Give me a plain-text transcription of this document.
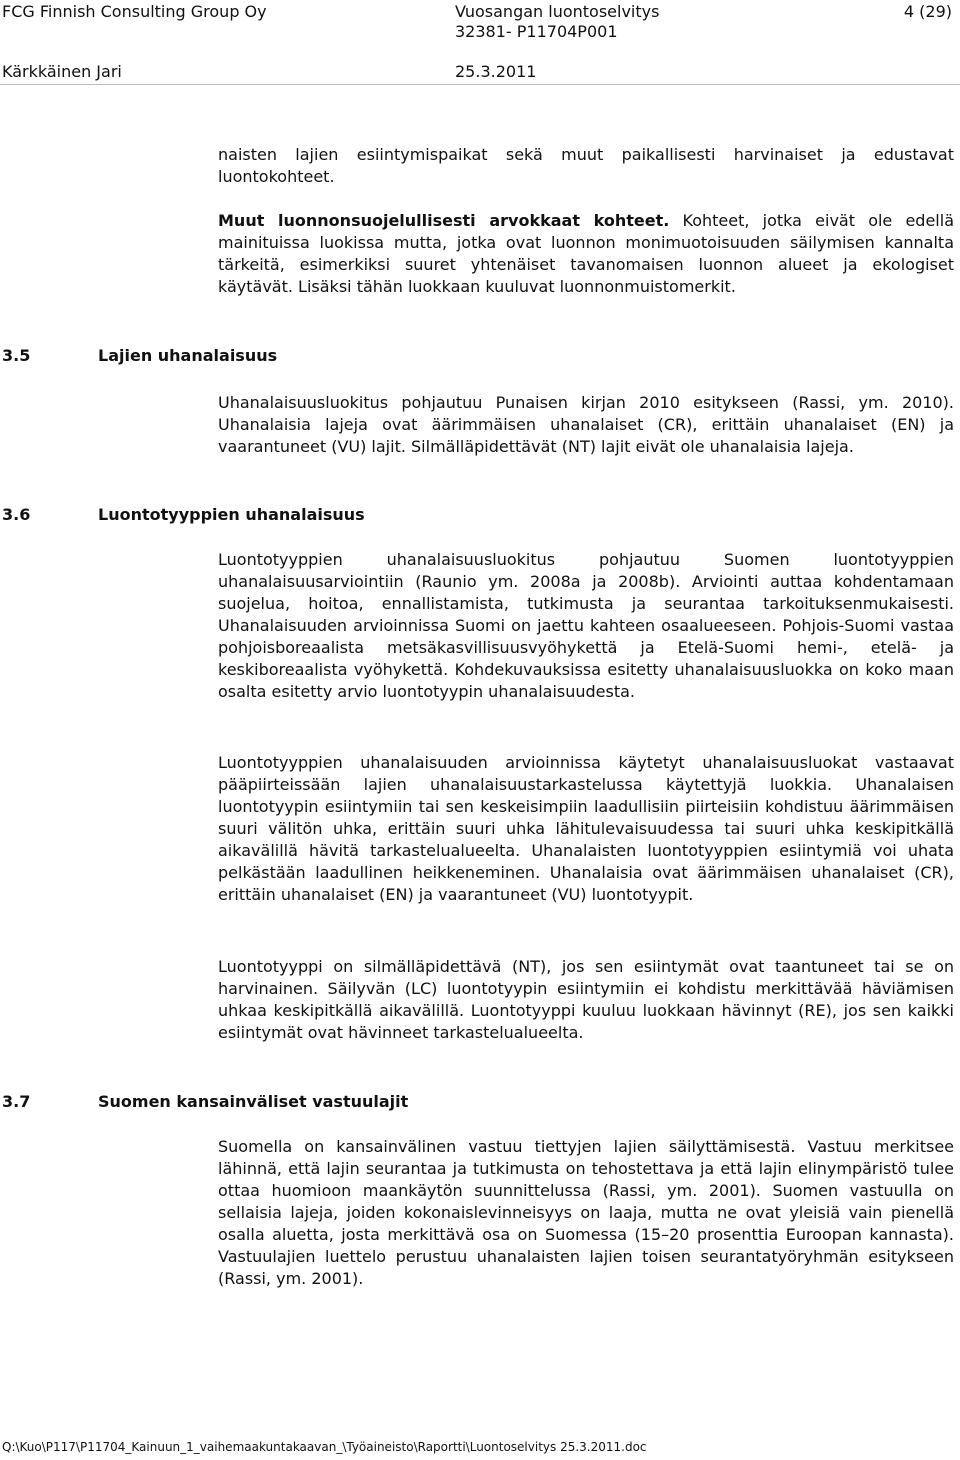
FCG Finnish Consulting Group Oy	Vuosangan luontoselvitys	4 (29)
32381- P11704P001
Kärkkäinen Jari	25.3.2011
naisten lajien esiintymispaikat sekä muut paikallisesti harvinaiset ja edustavat luontokohteet.
Muut luonnonsuojelullisesti arvokkaat kohteet. Kohteet, jotka eivät ole edellä mainituissa luokissa mutta, jotka ovat luonnon monimuotoisuuden säilymisen kannalta tärkeitä, esimerkiksi suuret yhtenäiset tavanomaisen luonnon alueet ja ekologiset käytävät. Lisäksi tähän luokkaan kuuluvat luonnonmuistomerkit.
3.5	Lajien uhanalaisuus
Uhanalaisuusluokitus pohjautuu Punaisen kirjan 2010 esitykseen (Rassi, ym. 2010). Uhanalaisia lajeja ovat äärimmäisen uhanalaiset (CR), erittäin uhanalaiset (EN) ja vaarantuneet (VU) lajit. Silmälläpidettävät (NT) lajit eivät ole uhanalaisia lajeja.
3.6	Luontotyyppien uhanalaisuus
Luontotyyppien uhanalaisuusluokitus pohjautuu Suomen luontotyyppien uhanalaisuusarviointiin (Raunio ym. 2008a ja 2008b). Arviointi auttaa kohdentamaan suojelua, hoitoa, ennallistamista, tutkimusta ja seurantaa tarkoituksenmukaisesti. Uhanalaisuuden arvioinnissa Suomi on jaettu kahteen osaalueeseen. Pohjois-Suomi vastaa pohjoisboreaalista metsäkasvillisuusvyöhykettä ja Etelä-Suomi hemi-, etelä- ja keskiboreaalista vyöhykettä. Kohdekuvauksissa esitetty uhanalaisuusluokka on koko maan osalta esitetty arvio luontotyypin uhanalaisuudesta.
Luontotyyppien uhanalaisuuden arvioinnissa käytetyt uhanalaisuusluokat vastaavat pääpiirteissään lajien uhanalaisuustarkastelussa käytettyjä luokkia. Uhanalaisen luontotyypin esiintymiin tai sen keskeisimpiin laadullisiin piirteisiin kohdistuu äärimmäisen suuri välitön uhka, erittäin suuri uhka lähitulevaisuudessa tai suuri uhka keskipitkällä aikavälillä hävitä tarkastelualueelta. Uhanalaisten luontotyyppien esiintymiä voi uhata pelkästään laadullinen heikkeneminen. Uhanalaisia ovat äärimmäisen uhanalaiset (CR), erittäin uhanalaiset (EN) ja vaarantuneet (VU) luontotyypit.
Luontotyyppi on silmälläpidettävä (NT), jos sen esiintymät ovat taantuneet tai se on harvinainen. Säilyvän (LC) luontotyypin esiintymiin ei kohdistu merkittävää häviämisen uhkaa keskipitkällä aikavälillä. Luontotyyppi kuuluu luokkaan hävinnyt (RE), jos sen kaikki esiintymät ovat hävinneet tarkastelualueelta.
3.7	Suomen kansainväliset vastuulajit
Suomella on kansainvälinen vastuu tiettyjen lajien säilyttämisestä. Vastuu merkitsee lähinnä, että lajin seurantaa ja tutkimusta on tehostettava ja että lajin elinympäristö tulee ottaa huomioon maankäytön suunnittelussa (Rassi, ym. 2001). Suomen vastuulla on sellaisia lajeja, joiden kokonaislevinneisyys on laaja, mutta ne ovat yleisiä vain pienellä osalla aluetta, josta merkittävä osa on Suomessa (15–20 prosenttia Euroopan kannasta). Vastuulajien luettelo perustuu uhanalaisten lajien toisen seurantatyöryhmän esitykseen (Rassi, ym. 2001).
Q:\Kuo\P117\P11704_Kainuun_1_vaihemaakuntakaavan_\Työaineisto\Raportti\Luontoselvitys 25.3.2011.doc
